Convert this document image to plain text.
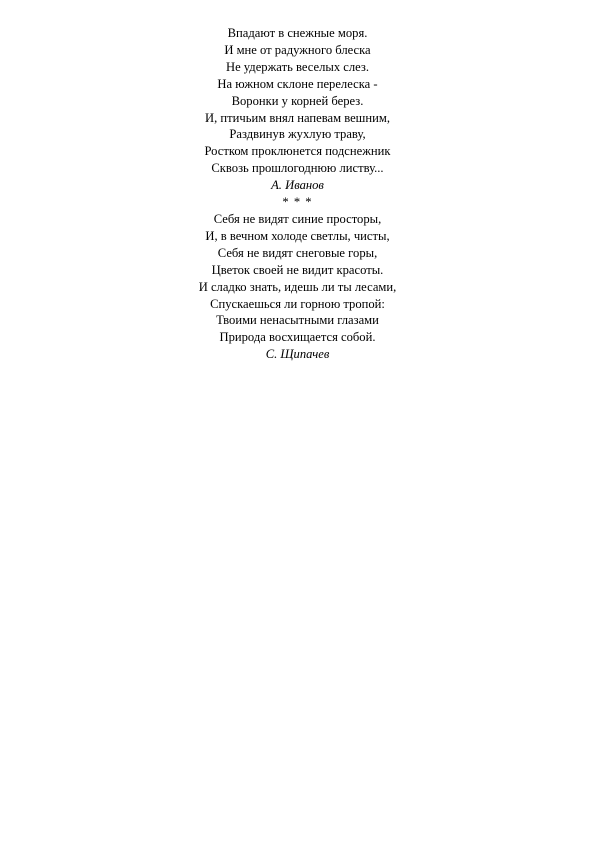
Впадают в снежные моря.
И мне от радужного блеска
Не удержать веселых слез.
На южном склоне перелеска -
Воронки у корней берез.
И, птичьим внял напевам вешним,
Раздвинув жухлую траву,
Ростком проклюнется подснежник
Сквозь прошлогоднюю листву...
А. Иванов
* * *
Себя не видят синие просторы,
И, в вечном холоде светлы, чисты,
Себя не видят снеговые горы,
Цветок своей не видит красоты.
И сладко знать, идешь ли ты лесами,
Спускаешься ли горною тропой:
Твоими ненасытными глазами
Природа восхищается собой.
С. Щипачев
